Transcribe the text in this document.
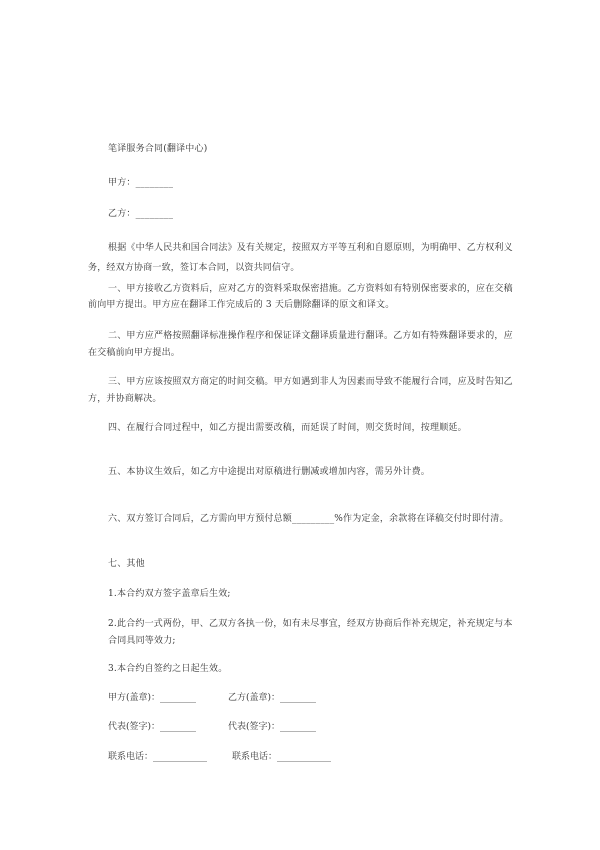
笔译服务合同(翻译中心)
甲方：________
乙方：________
根据《中华人民共和国合同法》及有关规定，按照双方平等互利和自愿原则，为明确甲、乙方权利义
务，经双方协商一致，签订本合同，以资共同信守。
一、甲方接收乙方资料后，应对乙方的资料采取保密措施。乙方资料如有特别保密要求的，应在交稿
前向甲方提出。甲方应在翻译工作完成后的 3 天后删除翻译的原文和译文。
二、甲方应严格按照翻译标准操作程序和保证译文翻译质量进行翻译。乙方如有特殊翻译要求的，应
在交稿前向甲方提出。
三、甲方应该按照双方商定的时间交稿。甲方如遇到非人为因素而导致不能履行合同，应及时告知乙
方，并协商解决。
四、在履行合同过程中，如乙方提出需要改稿，而延误了时间，则交货时间，按理顺延。
五、本协议生效后，如乙方中途提出对原稿进行删减或增加内容，需另外计费。
六、双方签订合同后，乙方需向甲方预付总额_________%作为定金，余款将在译稿交付时即付清。
七、其他
1.本合约双方签字盖章后生效;
2.此合约一式两份，甲、乙双方各执一份，如有未尽事宜，经双方协商后作补充规定，补充规定与本
合同具同等效力;
3.本合约自签约之日起生效。
甲方(盖章)：________	乙方(盖章)：________
代表(签字)：________	代表(签字)：________
联系电话：____________	联系电话：____________
